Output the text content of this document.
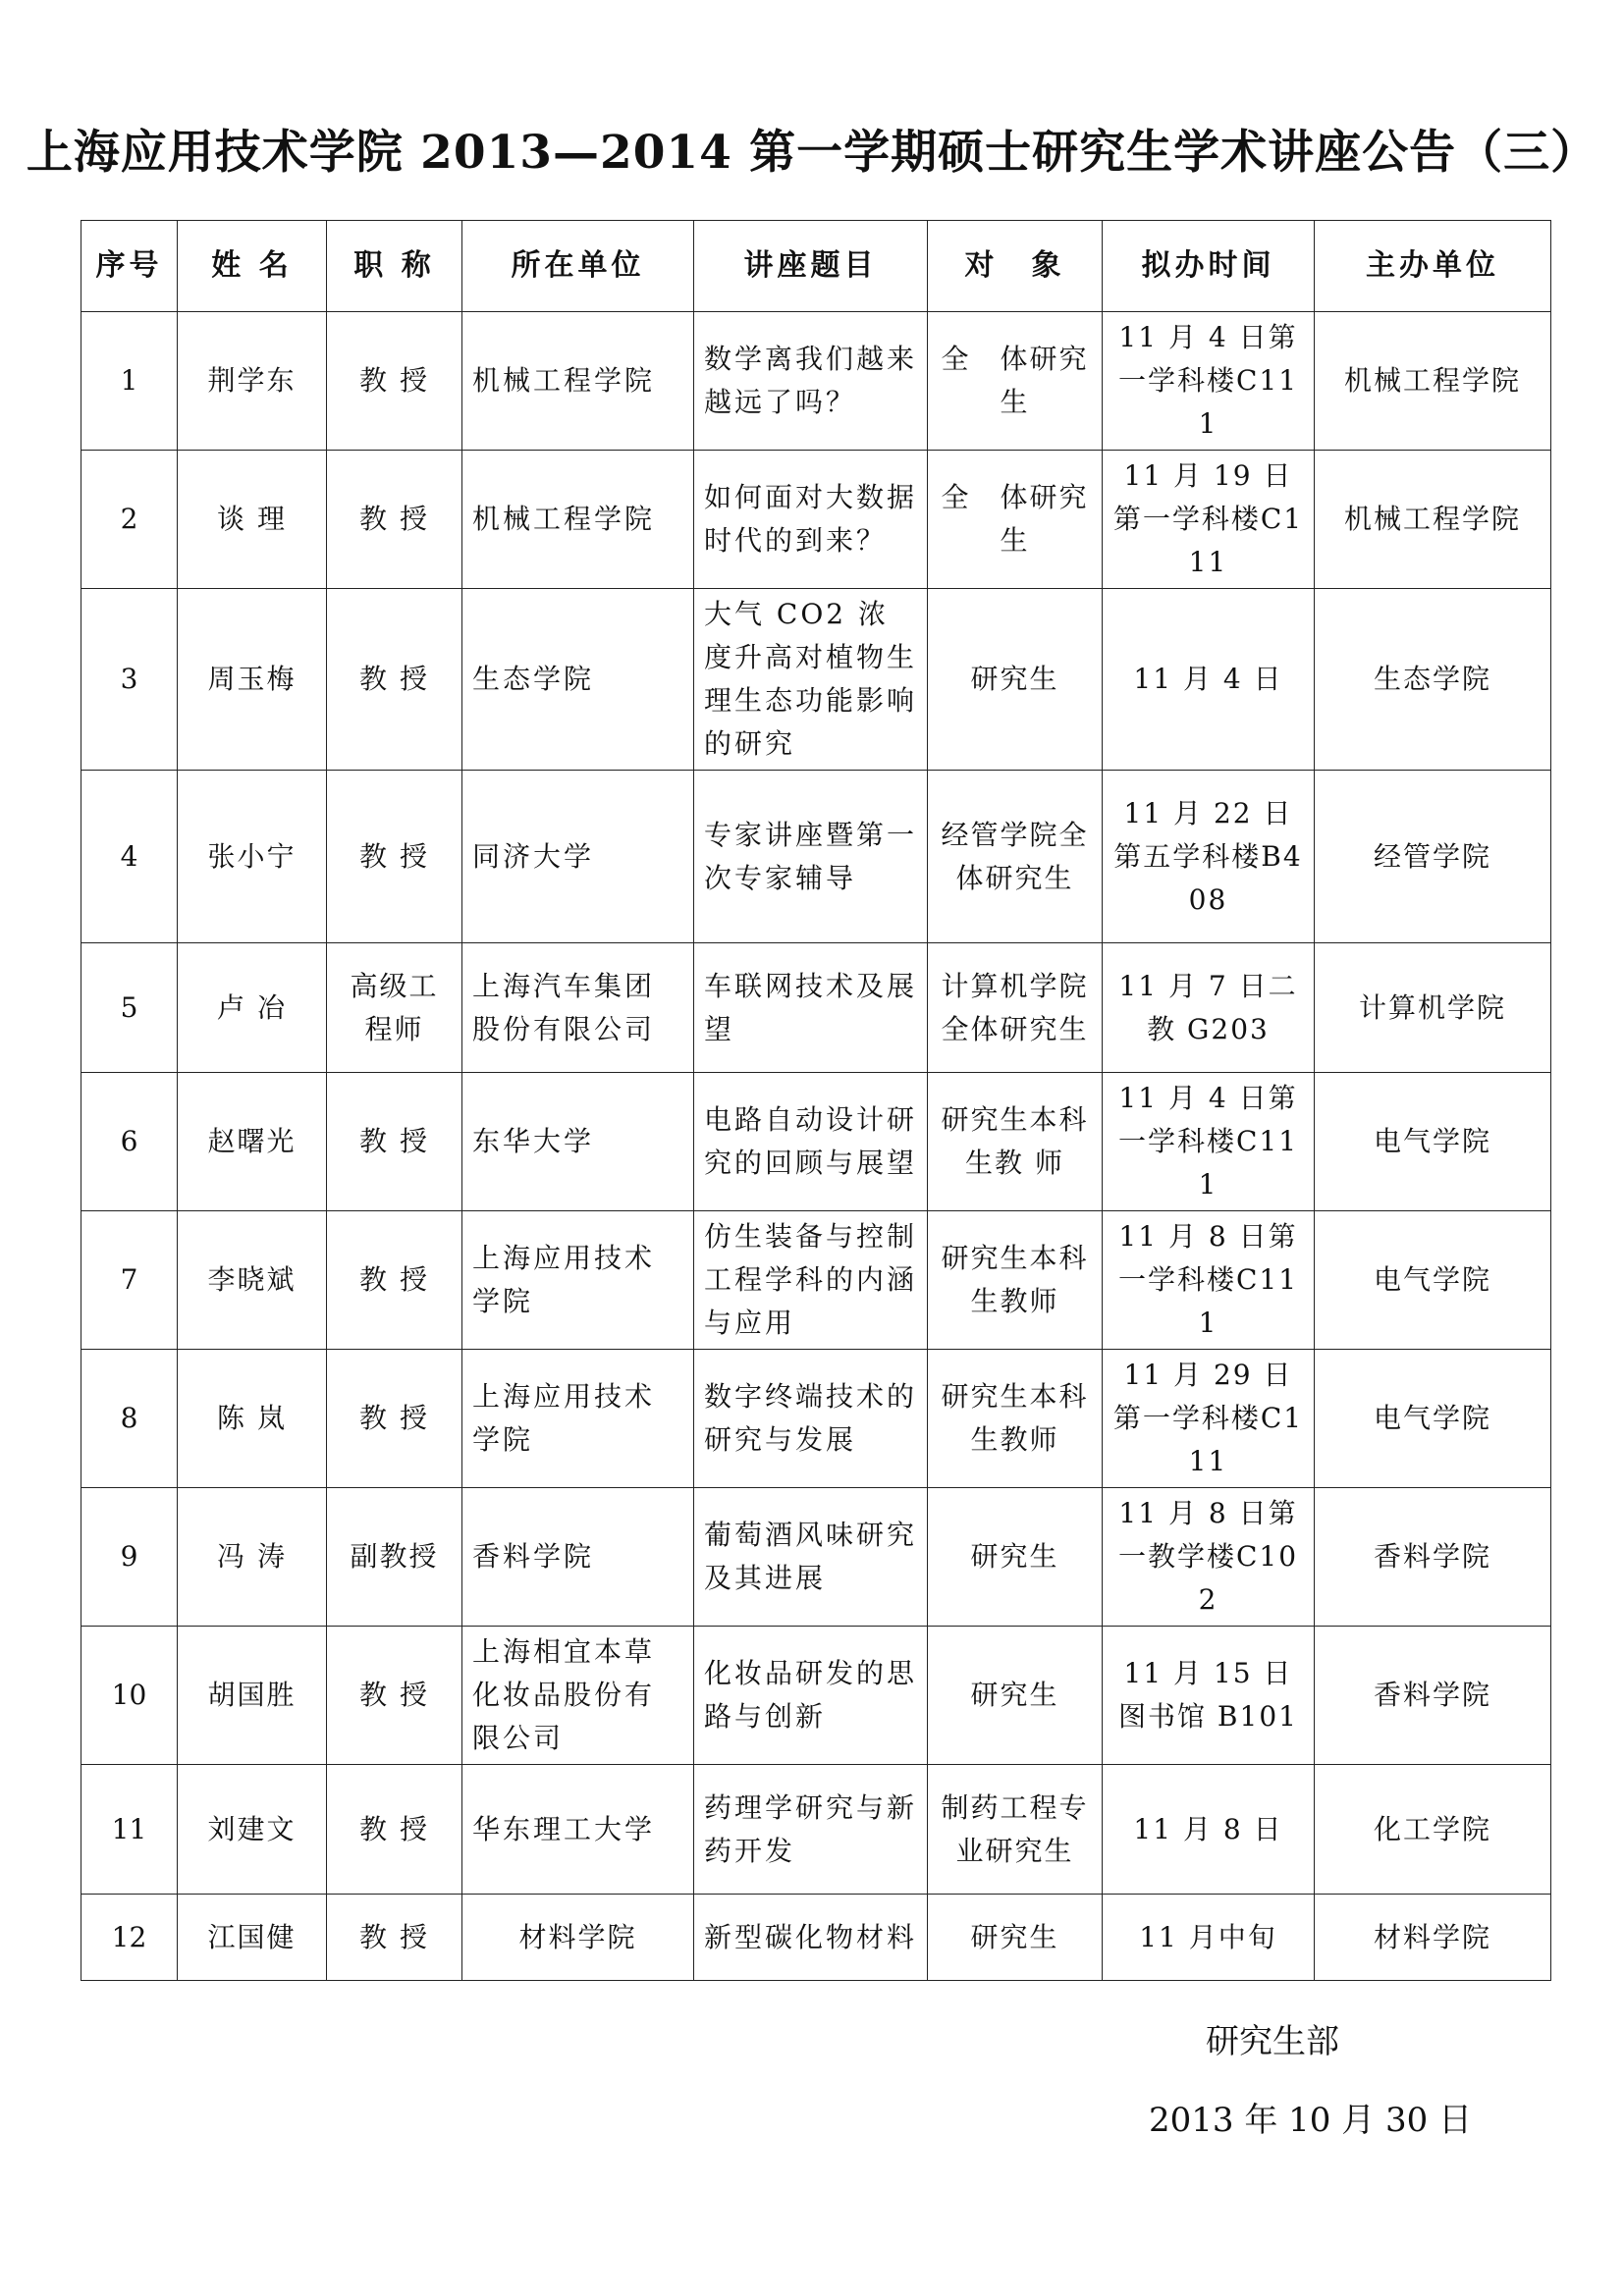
上海应用技术学院 2013—2014 第一学期硕士研究生学术讲座公告（三）
序号	姓 名	职 称	所在单位	讲座题目	对　象	拟办时间	主办单位
1	荆学东	教 授	机械工程学院	数学离我们越来越远了吗？	全　体研究生	11 月 4 日第一学科楼C111	机械工程学院
2	谈 理	教 授	机械工程学院	如何面对大数据时代的到来？	全　体研究生	11 月 19 日第一学科楼C111	机械工程学院
3	周玉梅	教 授	生态学院	大气 CO2 浓度升高对植物生理生态功能影响的研究	研究生	11 月 4 日	生态学院
4	张小宁	教 授	同济大学	专家讲座暨第一次专家辅导	经管学院全体研究生	11 月 22 日第五学科楼B408	经管学院
5	卢 冶	高级工程师	上海汽车集团股份有限公司	车联网技术及展望	计算机学院全体研究生	11 月 7 日二教 G203	计算机学院
6	赵曙光	教 授	东华大学	电路自动设计研究的回顾与展望	研究生本科生教 师	11 月 4 日第一学科楼C111	电气学院
7	李晓斌	教 授	上海应用技术学院	仿生装备与控制工程学科的内涵与应用	研究生本科生教师	11 月 8 日第一学科楼C111	电气学院
8	陈 岚	教 授	上海应用技术学院	数字终端技术的研究与发展	研究生本科生教师	11 月 29 日第一学科楼C111	电气学院
9	冯 涛	副教授	香料学院	葡萄酒风味研究及其进展	研究生	11 月 8 日第一教学楼C102	香料学院
10	胡国胜	教 授	上海相宜本草化妆品股份有限公司	化妆品研发的思路与创新	研究生	11 月 15 日图书馆 B101	香料学院
11	刘建文	教 授	华东理工大学	药理学研究与新药开发	制药工程专业研究生	11 月 8 日	化工学院
12	江国健	教 授	材料学院	新型碳化物材料	研究生	11 月中旬	材料学院
研究生部
2013 年 10 月 30 日
